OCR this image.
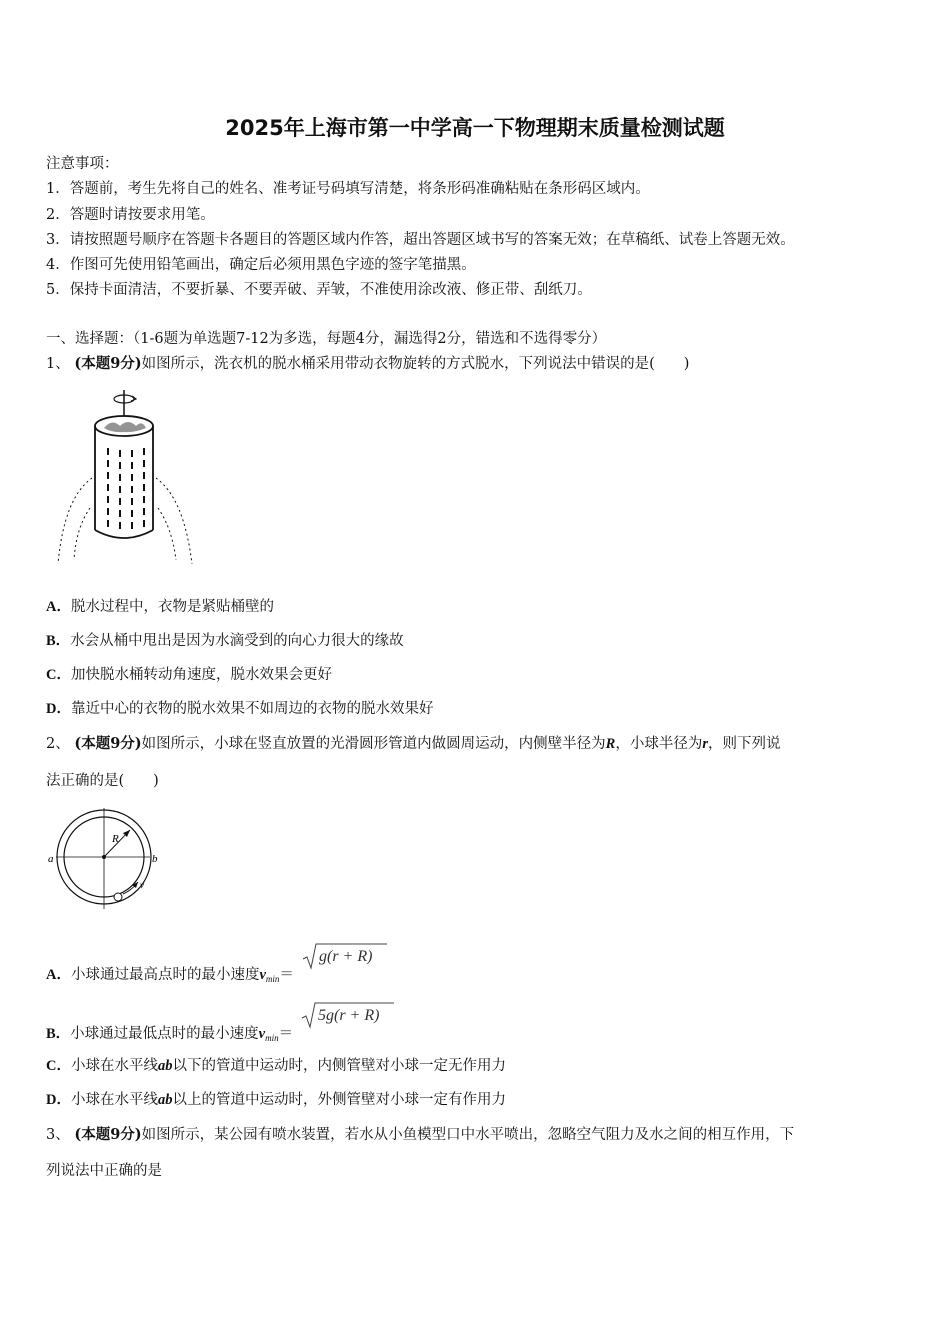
2025年上海市第一中学高一下物理期末质量检测试题
注意事项：
1．答题前，考生先将自己的姓名、准考证号码填写清楚，将条形码准确粘贴在条形码区域内。
2．答题时请按要求用笔。
3．请按照题号顺序在答题卡各题目的答题区域内作答，超出答题区域书写的答案无效；在草稿纸、试卷上答题无效。
4．作图可先使用铅笔画出，确定后必须用黑色字迹的签字笔描黑。
5．保持卡面清洁，不要折暴、不要弄破、弄皱，不准使用涂改液、修正带、刮纸刀。
一、选择题：（1-6题为单选题7-12为多选，每题4分，漏选得2分，错选和不选得零分）
1、 (本题9分)如图所示，洗衣机的脱水桶采用带动衣物旋转的方式脱水，下列说法中错误的是(　　)
A．脱水过程中，衣物是紧贴桶壁的
B．水会从桶中甩出是因为水滴受到的向心力很大的缘故
C．加快脱水桶转动角速度，脱水效果会更好
D．靠近中心的衣物的脱水效果不如周边的衣物的脱水效果好
2、 (本题9分)如图所示，小球在竖直放置的光滑圆形管道内做圆周运动，内侧壁半径为R，小球半径为r，则下列说
法正确的是(　　)
R
a	b
v
A．小球通过最高点时的最小速度$v_{min}=$
g(r + R)
B．小球通过最低点时的最小速度$v_{min}=$
5g(r + R)
C．小球在水平线ab以下的管道中运动时，内侧管壁对小球一定无作用力
D．小球在水平线ab以上的管道中运动时，外侧管壁对小球一定有作用力
3、 (本题9分)如图所示，某公园有喷水装置，若水从小鱼模型口中水平喷出，忽略空气阻力及水之间的相互作用，下
列说法中正确的是
